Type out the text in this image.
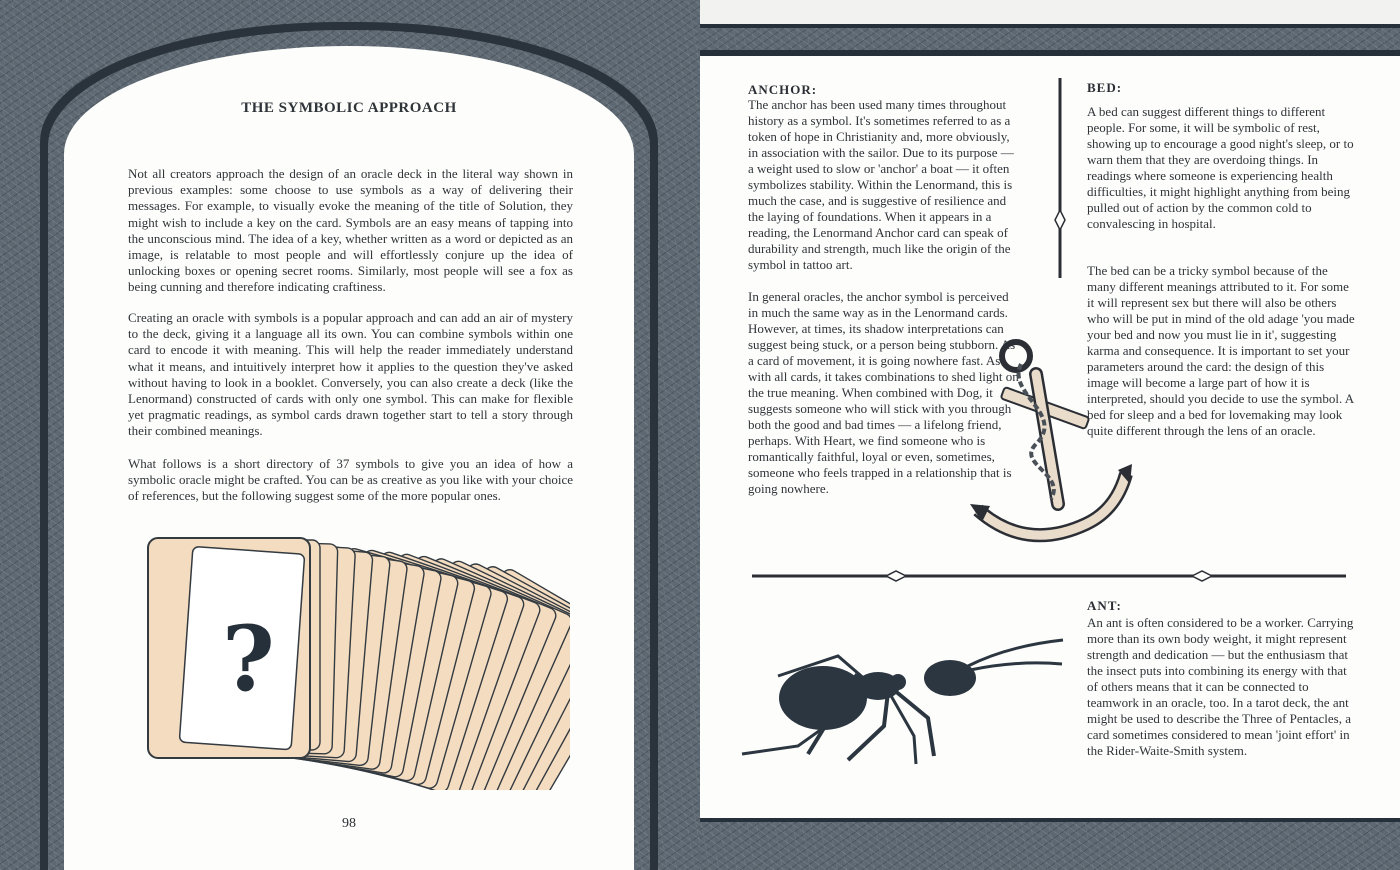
THE SYMBOLIC APPROACH
Not all creators approach the design of an oracle deck in the literal way shown in previous examples: some choose to use symbols as a way of delivering their messages. For example, to visually evoke the meaning of the title of Solution, they might wish to include a key on the card. Symbols are an easy means of tapping into the unconscious mind. The idea of a key, whether written as a word or depicted as an image, is relatable to most people and will effortlessly conjure up the idea of unlocking boxes or opening secret rooms. Similarly, most people will see a fox as being cunning and therefore indicating craftiness.
Creating an oracle with symbols is a popular approach and can add an air of mystery to the deck, giving it a language all its own. You can combine symbols within one card to encode it with meaning. This will help the reader immediately understand what it means, and intuitively interpret how it applies to the question they've asked without having to look in a booklet. Conversely, you can also create a deck (like the Lenormand) constructed of cards with only one symbol. This can make for flexible yet pragmatic readings, as symbol cards drawn together start to tell a story through their combined meanings.
What follows is a short directory of 37 symbols to give you an idea of how a symbolic oracle might be crafted. You can be as creative as you like with your choice of references, but the following suggest some of the more popular ones.
?
98
ANCHOR:
The anchor has been used many times throughout history as a symbol. It's sometimes referred to as a token of hope in Christianity and, more obviously, in association with the sailor. Due to its purpose — a weight used to slow or 'anchor' a boat — it often symbolizes stability. Within the Lenormand, this is much the case, and is suggestive of resilience and the laying of foundations. When it appears in a reading, the Lenormand Anchor card can speak of durability and strength, much like the origin of the symbol in tattoo art.
In general oracles, the anchor symbol is perceived in much the same way as in the Lenormand cards. However, at times, its shadow interpretations can suggest being stuck, or a person being stubborn. As a card of movement, it is going nowhere fast. As with all cards, it takes combinations to shed light on the true meaning. When combined with Dog, it suggests someone who will stick with you through both the good and bad times — a lifelong friend, perhaps. With Heart, we find someone who is romantically faithful, loyal or even, sometimes, someone who feels trapped in a relationship that is going nowhere.
BED:
A bed can suggest different things to different people. For some, it will be symbolic of rest, showing up to encourage a good night's sleep, or to warn them that they are overdoing things. In readings where someone is experiencing health difficulties, it might highlight anything from being pulled out of action by the common cold to convalescing in hospital.
The bed can be a tricky symbol because of the many different meanings attributed to it. For some it will represent sex but there will also be others who will be put in mind of the old adage 'you made your bed and now you must lie in it', suggesting karma and consequence. It is important to set your parameters around the card: the design of this image will become a large part of how it is interpreted, should you decide to use the symbol. A bed for sleep and a bed for lovemaking may look quite different through the lens of an oracle.
ANT:
An ant is often considered to be a worker. Carrying more than its own body weight, it might represent strength and dedication — but the enthusiasm that the insect puts into combining its energy with that of others means that it can be connected to teamwork in an oracle, too. In a tarot deck, the ant might be used to describe the Three of Pentacles, a card sometimes considered to mean 'joint effort' in the Rider-Waite-Smith system.
